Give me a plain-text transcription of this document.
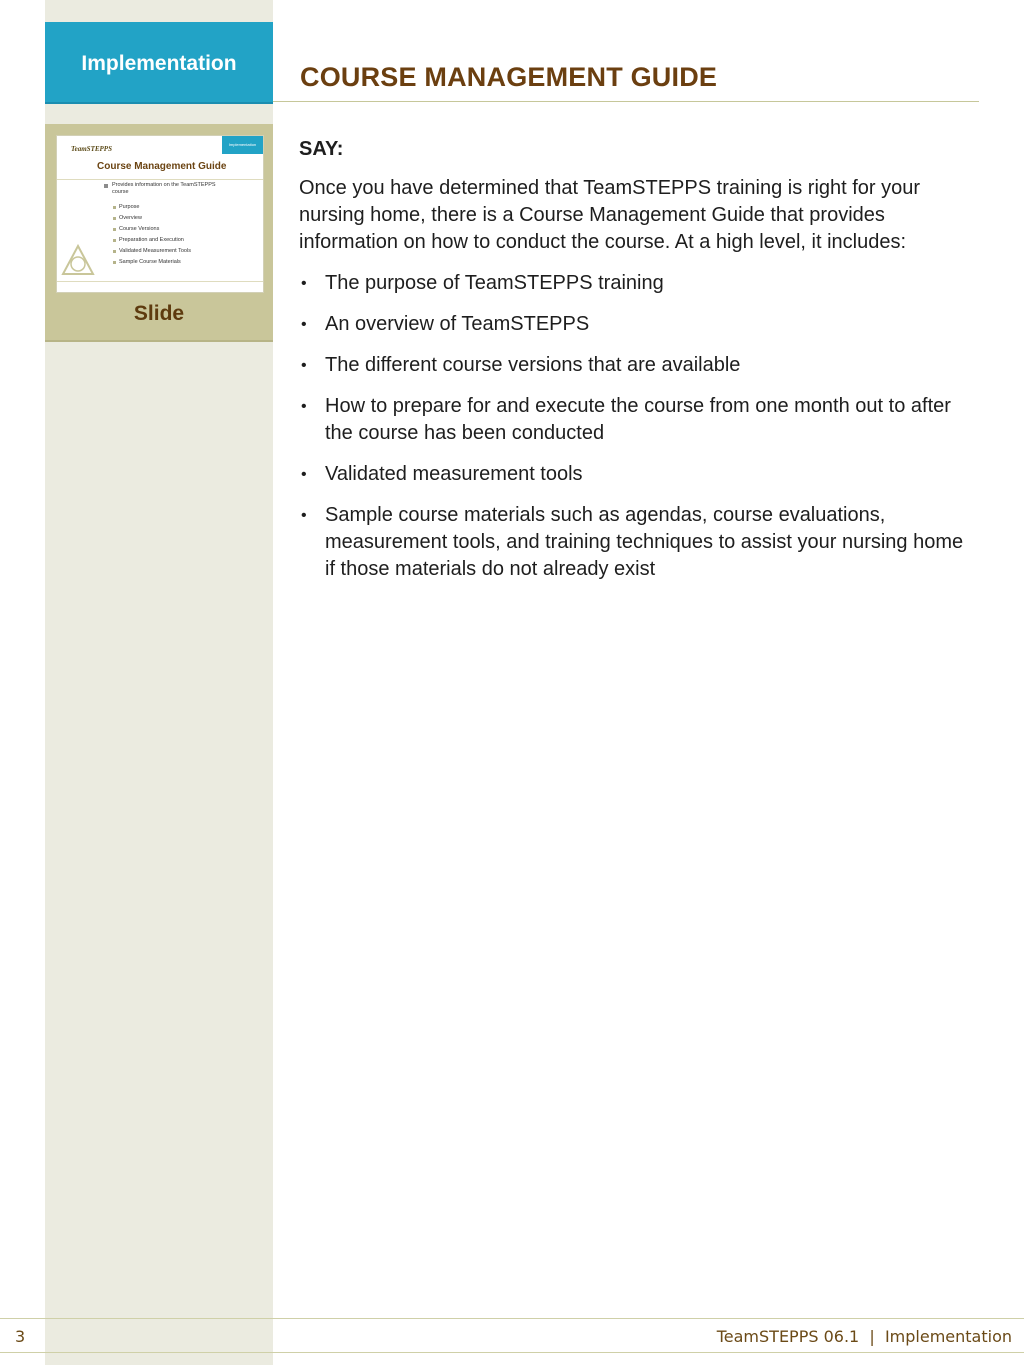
Implementation
TeamSTEPPS
Implementation
Course Management Guide
Provides information on the TeamSTEPPS course
Purpose
Overview
Course Versions
Preparation and Execution
Validated Measurement Tools
Sample Course Materials
Slide
COURSE MANAGEMENT GUIDE

SAY:

Once you have determined that TeamSTEPPS training is right for your nursing home, there is a Course Management Guide that provides information on how to conduct the course. At a high level, it includes:

• The purpose of TeamSTEPPS training
• An overview of TeamSTEPPS
• The different course versions that are available
• How to prepare for and execute the course from one month out to after the course has been conducted
• Validated measurement tools
• Sample course materials such as agendas, course evaluations, measurement tools, and training techniques to assist your nursing home if those materials do not already exist
3	TeamSTEPPS 06.1  |  Implementation
